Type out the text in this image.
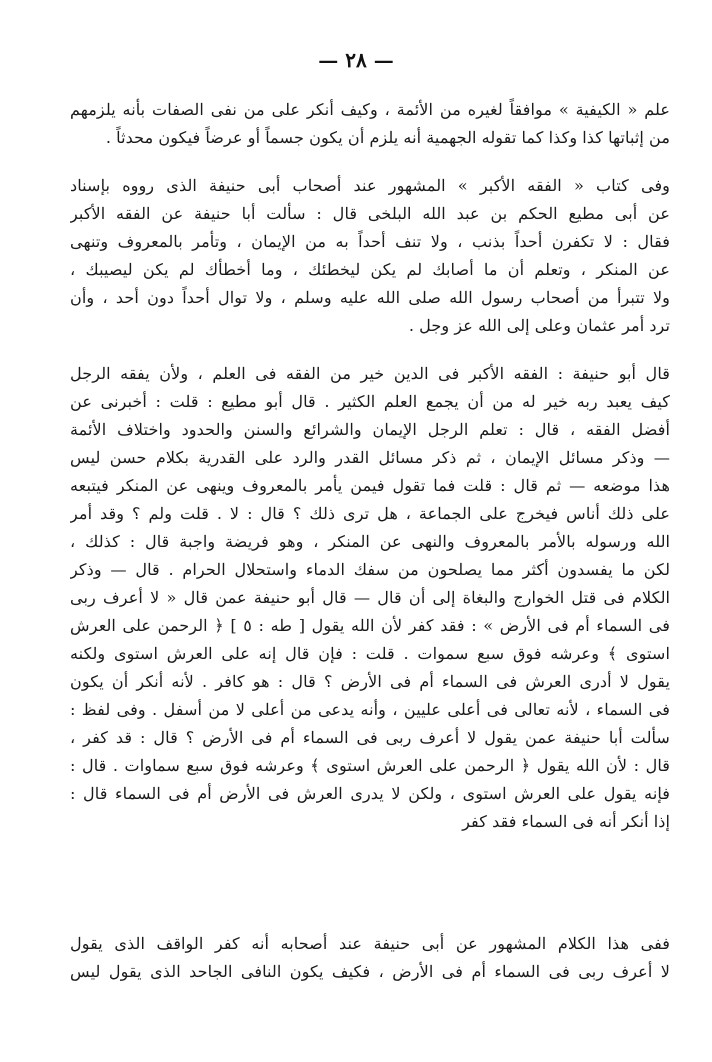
— ٢٨ —
علم « الكيفية » موافقاً لغيره من الأئمة ، وكيف أنكر على من نفى الصفات بأنه يلزمهم
من إثباتها كذا وكذا كما تقوله الجهمية أنه يلزم أن يكون جسماً أو عرضاً فيكون محدثاً .
وفى كتاب « الفقه الأكبر » المشهور عند أصحاب أبى حنيفة الذى رووه بإسناد
عن أبى مطيع الحكم بن عبد الله البلخى قال : سألت أبا حنيفة عن الفقه الأكبر
فقال : لا تكفرن أحداً بذنب ، ولا تنف أحداً به من الإيمان ، وتأمر بالمعروف وتنهى
عن المنكر ، وتعلم أن ما أصابك لم يكن ليخطئك ، وما أخطأك لم يكن ليصيبك ،
ولا تتبرأ من أصحاب رسول الله صلى الله عليه وسلم ، ولا توال أحداً دون أحد ، وأن
ترد أمر عثمان وعلى إلى الله عز وجل .
قال أبو حنيفة : الفقه الأكبر فى الدين خير من الفقه فى العلم ، ولأن يفقه الرجل
كيف يعبد ربه خير له من أن يجمع العلم الكثير . قال أبو مطيع : قلت : أخبرنى عن
أفضل الفقه ، قال : تعلم الرجل الإيمان والشرائع والسنن والحدود واختلاف الأئمة
— وذكر مسائل الإيمان ، ثم ذكر مسائل القدر والرد على القدرية بكلام حسن ليس
هذا موضعه — ثم قال : قلت فما تقول فيمن يأمر بالمعروف وينهى عن المنكر فيتبعه
على ذلك أناس فيخرج على الجماعة ، هل ترى ذلك ؟ قال : لا . قلت ولم ؟ وقد أمر
الله ورسوله بالأمر بالمعروف والنهى عن المنكر ، وهو فريضة واجبة قال : كذلك ،
لكن ما يفسدون أكثر مما يصلحون من سفك الدماء واستحلال الحرام . قال — وذكر
الكلام فى قتل الخوارج والبغاة إلى أن قال — قال أبو حنيفة عمن قال « لا أعرف ربى
فى السماء أم فى الأرض » : فقد كفر لأن الله يقول [ طه : ٥ ] ﴿ الرحمن على العرش
استوى ﴾ وعرشه فوق سبع سموات . قلت : فإن قال إنه على العرش استوى ولكنه
يقول لا أدرى العرش فى السماء أم فى الأرض ؟ قال : هو كافر . لأنه أنكر أن يكون
فى السماء ، لأنه تعالى فى أعلى عليين ، وأنه يدعى من أعلى لا من أسفل . وفى لفظ :
سألت أبا حنيفة عمن يقول لا أعرف ربى فى السماء أم فى الأرض ؟ قال : قد كفر ،
قال : لأن الله يقول ﴿ الرحمن على العرش استوى ﴾ وعرشه فوق سبع سماوات . قال :
فإنه يقول على العرش استوى ، ولكن لا يدرى العرش فى الأرض أم فى السماء قال :
إذا أنكر أنه فى السماء فقد كفر
ففى هذا الكلام المشهور عن أبى حنيفة عند أصحابه أنه كفر الواقف الذى يقول
لا أعرف ربى فى السماء أم فى الأرض ، فكيف يكون النافى الجاحد الذى يقول ليس
